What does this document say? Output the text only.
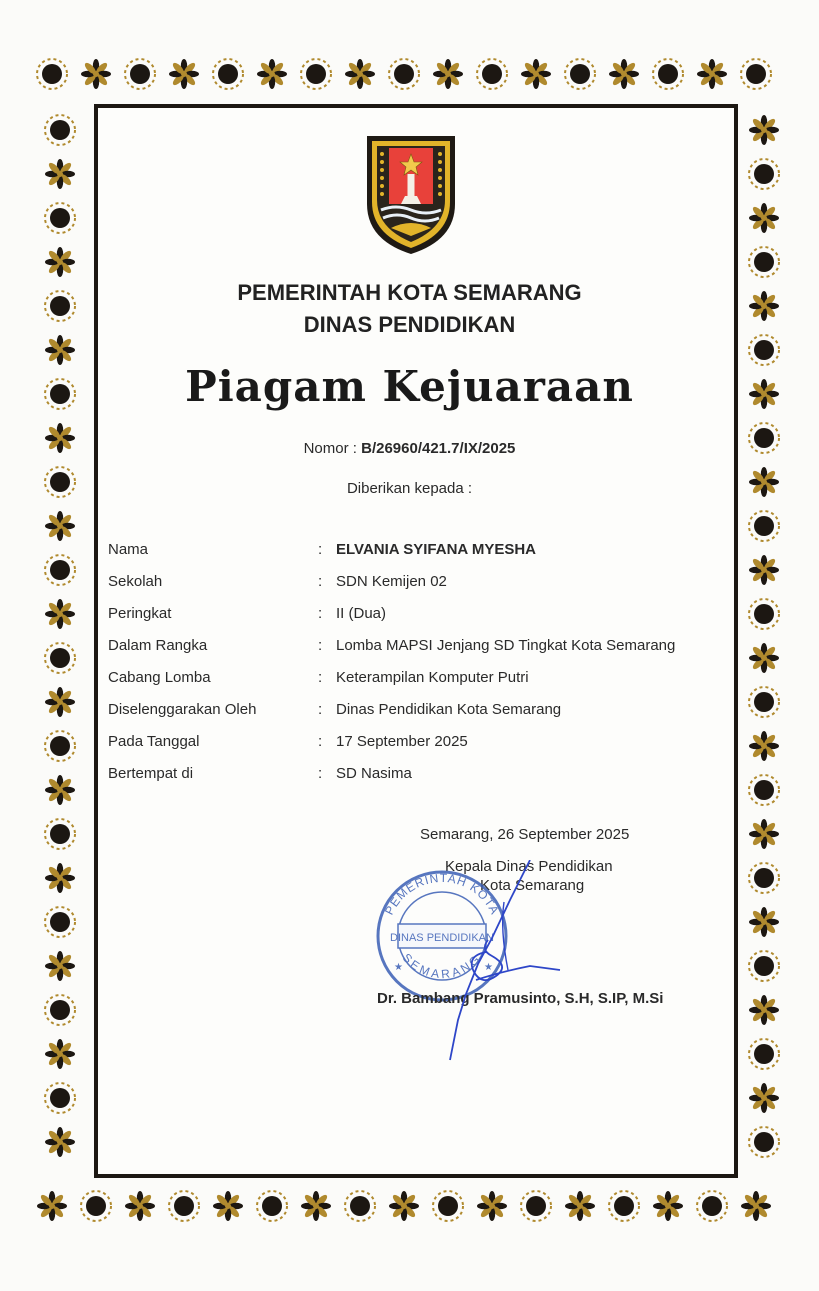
PEMERINTAH KOTA SEMARANG
DINAS PENDIDIKAN
Piagam Kejuaraan
Nomor : B/26960/421.7/IX/2025
Diberikan kepada :
Nama	: ELVANIA SYIFANA MYESHA
Sekolah	: SDN Kemijen 02
Peringkat	: II (Dua)
Dalam Rangka	: Lomba MAPSI Jenjang SD Tingkat Kota Semarang
Cabang Lomba	: Keterampilan Komputer Putri
Diselenggarakan Oleh	: Dinas Pendidikan Kota Semarang
Pada Tanggal	: 17 September 2025
Bertempat di	: SD Nasima
Semarang, 26 September 2025
Kepala Dinas Pendidikan
Kota Semarang
PEMERINTAH KOTA
SEMARANG
DINAS PENDIDIKAN
★	★
Dr. Bambang Pramusinto, S.H, S.IP, M.Si
